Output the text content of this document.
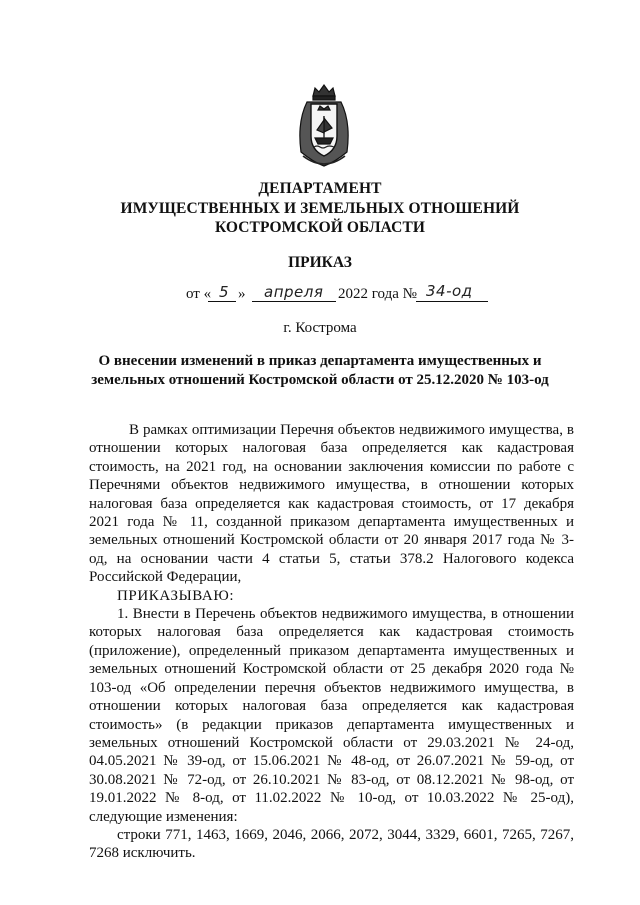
ДЕПАРТАМЕНТ
ИМУЩЕСТВЕННЫХ И ЗЕМЕЛЬНЫХ ОТНОШЕНИЙ
КОСТРОМСКОЙ ОБЛАСТИ
ПРИКАЗ
от « 5 » апреля 2022 года № 34-од
г. Кострома
О внесении изменений в приказ департамента имущественных и земельных отношений Костромской области от 25.12.2020 № 103-од

В рамках оптимизации Перечня объектов недвижимого имущества, в отношении которых налоговая база определяется как кадастровая стоимость, на 2021 год, на основании заключения комиссии по работе с Перечнями объектов недвижимого имущества, в отношении которых налоговая база определяется как кадастровая стоимость, от 17 декабря 2021 года № 11, созданной приказом департамента имущественных и земельных отношений Костромской области от 20 января 2017 года № 3-од, на основании части 4 статьи 5, статьи 378.2 Налогового кодекса Российской Федерации,

ПРИКАЗЫВАЮ:

1. Внести в Перечень объектов недвижимого имущества, в отношении которых налоговая база определяется как кадастровая стоимость (приложение), определенный приказом департамента имущественных и земельных отношений Костромской области от 25 декабря 2020 года № 103-од «Об определении перечня объектов недвижимого имущества, в отношении которых налоговая база определяется как кадастровая стоимость» (в редакции приказов департамента имущественных и земельных отношений Костромской области от 29.03.2021 № 24-од, 04.05.2021 № 39-од, от 15.06.2021 № 48-од, от 26.07.2021 № 59-од, от 30.08.2021 № 72-од, от 26.10.2021 № 83-од, от 08.12.2021 № 98-од, от 19.01.2022 № 8-од, от 11.02.2022 № 10-од, от 10.03.2022 № 25-од), следующие изменения:

строки 771, 1463, 1669, 2046, 2066, 2072, 3044, 3329, 6601, 7265, 7267, 7268 исключить.
